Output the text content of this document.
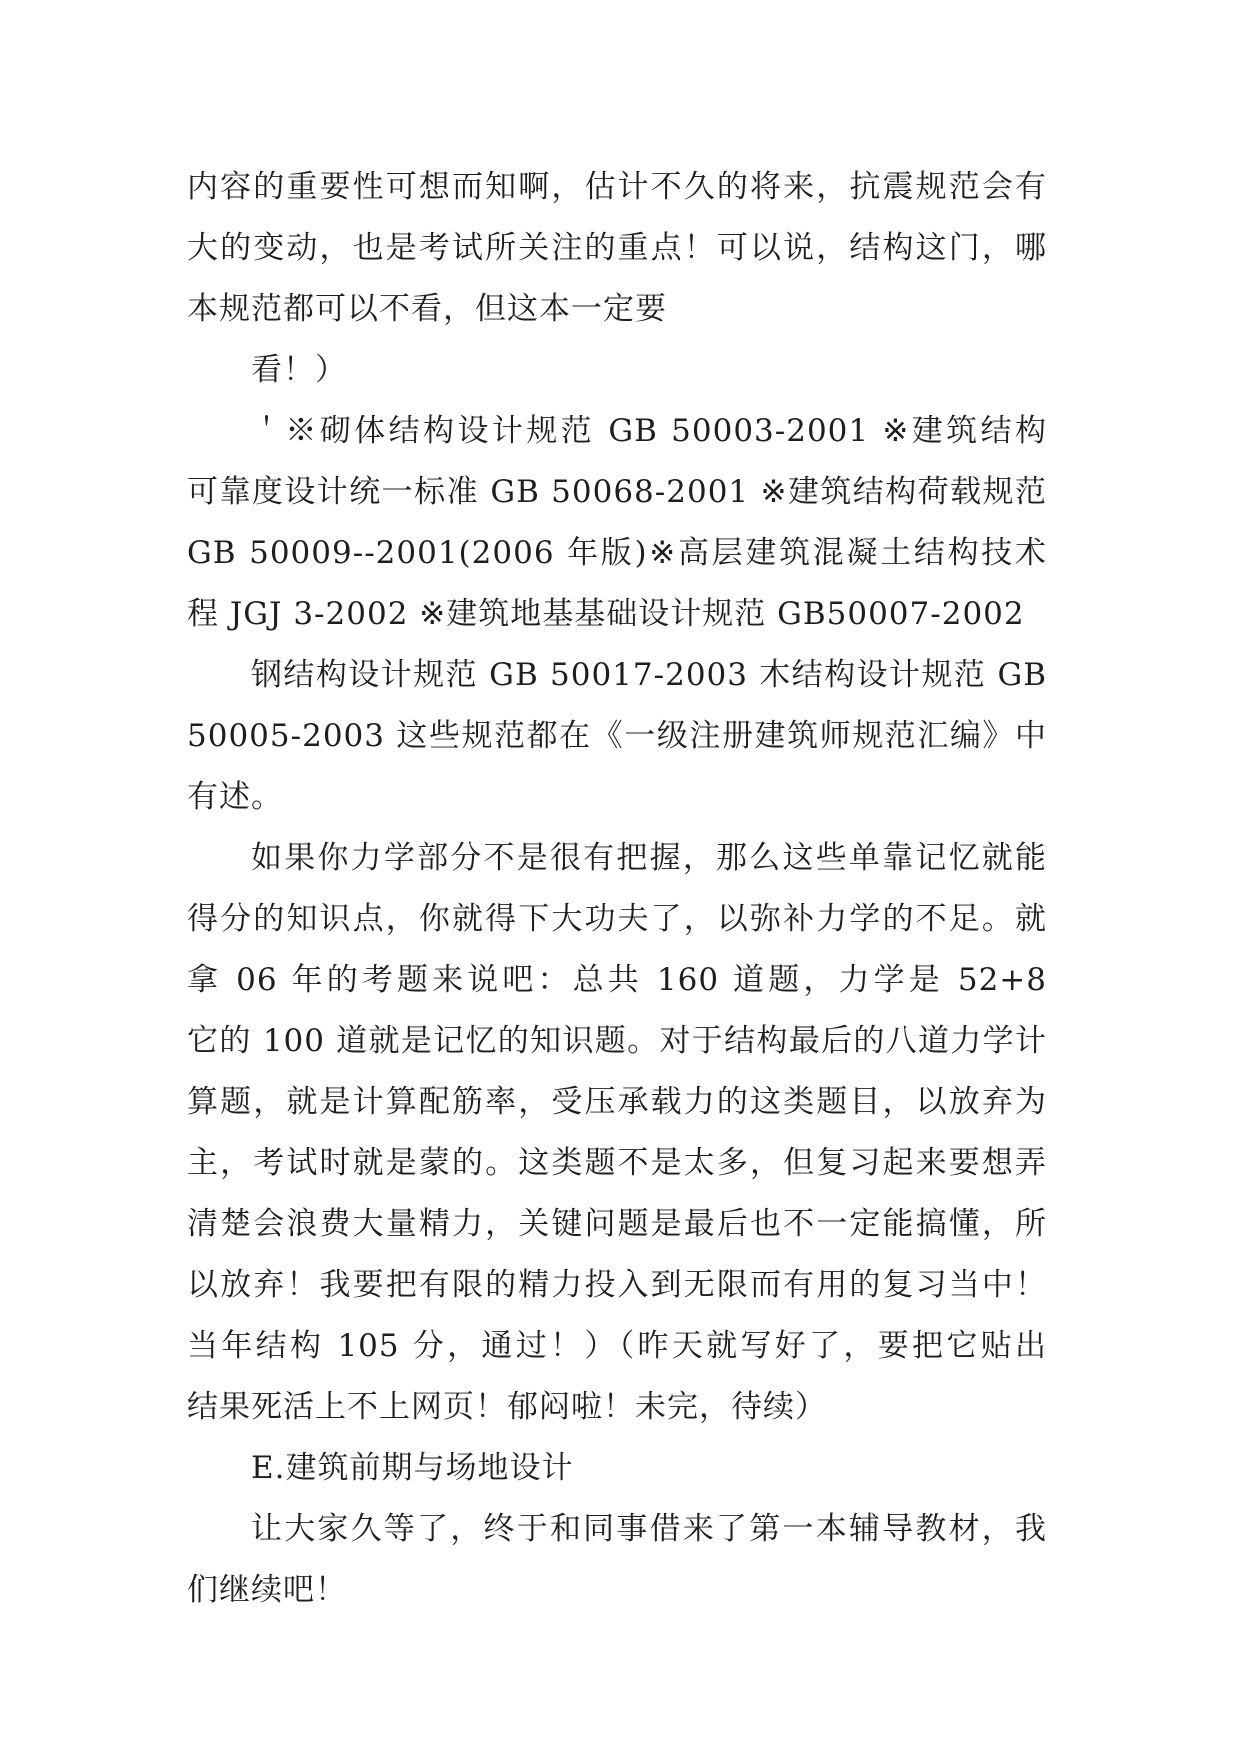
内容的重要性可想而知啊，估计不久的将来，抗震规范会有
大的变动，也是考试所关注的重点！可以说，结构这门，哪
本规范都可以不看，但这本一定要
看！）
＇※砌体结构设计规范 GB 50003-2001 ※建筑结构
可靠度设计统一标准 GB 50068-2001 ※建筑结构荷载规范
GB 50009--2001(2006 年版)※高层建筑混凝土结构技术
程 JGJ 3-2002 ※建筑地基基础设计规范 GB50007-2002
钢结构设计规范 GB 50017-2003 木结构设计规范 GB
50005-2003 这些规范都在《一级注册建筑师规范汇编》中
有述。
如果你力学部分不是很有把握，那么这些单靠记忆就能
得分的知识点，你就得下大功夫了，以弥补力学的不足。就
拿 06 年的考题来说吧：总共 160 道题，力学是 52+8
它的 100 道就是记忆的知识题。对于结构最后的八道力学计
算题，就是计算配筋率，受压承载力的这类题目，以放弃为
主，考试时就是蒙的。这类题不是太多，但复习起来要想弄
清楚会浪费大量精力，关键问题是最后也不一定能搞懂，所
以放弃！我要把有限的精力投入到无限而有用的复习当中！
当年结构 105 分，通过！）（昨天就写好了，要把它贴出
结果死活上不上网页！郁闷啦！未完，待续）
E.建筑前期与场地设计
让大家久等了，终于和同事借来了第一本辅导教材，我
们继续吧！
